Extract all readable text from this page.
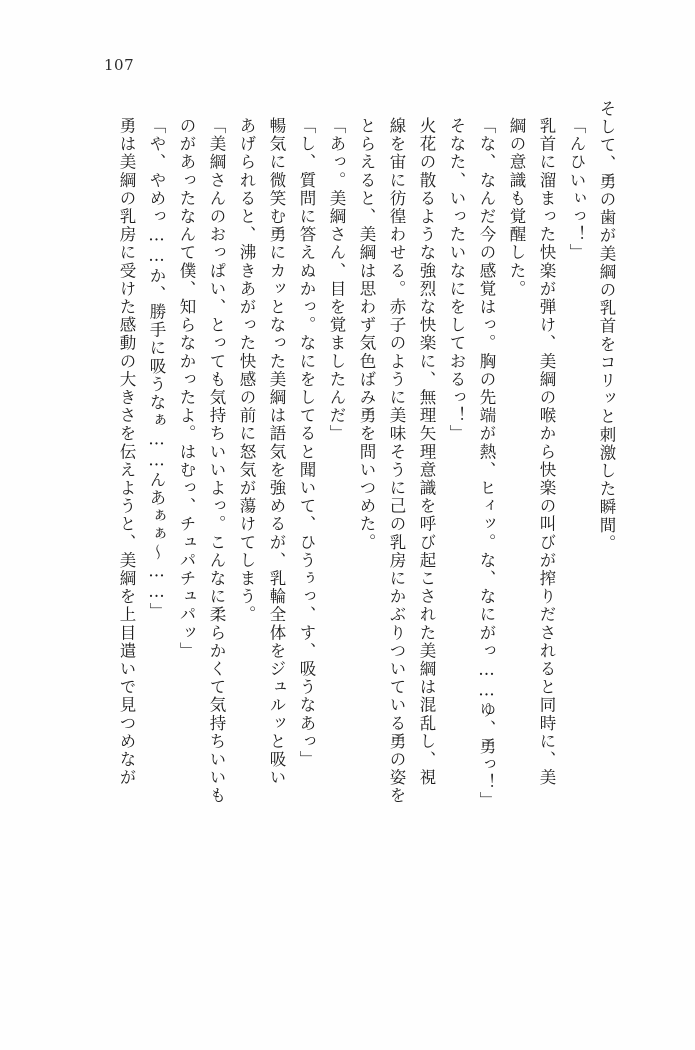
107
そして、勇の歯が美綱の乳首をコリッと刺激した瞬間。
「んひいぃっ！」
乳首に溜まった快楽が弾け、美綱の喉から快楽の叫びが搾りだされると同時に、美
綱の意識も覚醒した。
「な、なんだ今の感覚はっ。胸の先端が熱、ヒィッ。な、なにがっ……ゆ、勇っ！」
そなた、いったいなにをしておるっ！」
火花の散るような強烈な快楽に、無理矢理意識を呼び起こされた美綱は混乱し、視
線を宙に彷徨わせる。赤子のように美味そうに己の乳房にかぶりついている勇の姿を
とらえると、美綱は思わず気色ばみ勇を問いつめた。
「あっ。美綱さん、目を覚ましたんだ」
「し、質問に答えぬかっ。なにをしてると聞いて、ひうぅっ、す、吸うなあっ」
暢気に微笑む勇にカッとなった美綱は語気を強めるが、乳輪全体をジュルッと吸い
あげられると、沸きあがった快感の前に怒気が蕩けてしまう。
「美綱さんのおっぱい、とっても気持ちいいよっ。こんなに柔らかくて気持ちいいも
のがあったなんて僕、知らなかったよ。はむっ、チュパチュパッ」
「や、やめっ……か、勝手に吸うなぁ……んあぁぁ〜……」
勇は美綱の乳房に受けた感動の大きさを伝えようと、美綱を上目遣いで見つめなが
